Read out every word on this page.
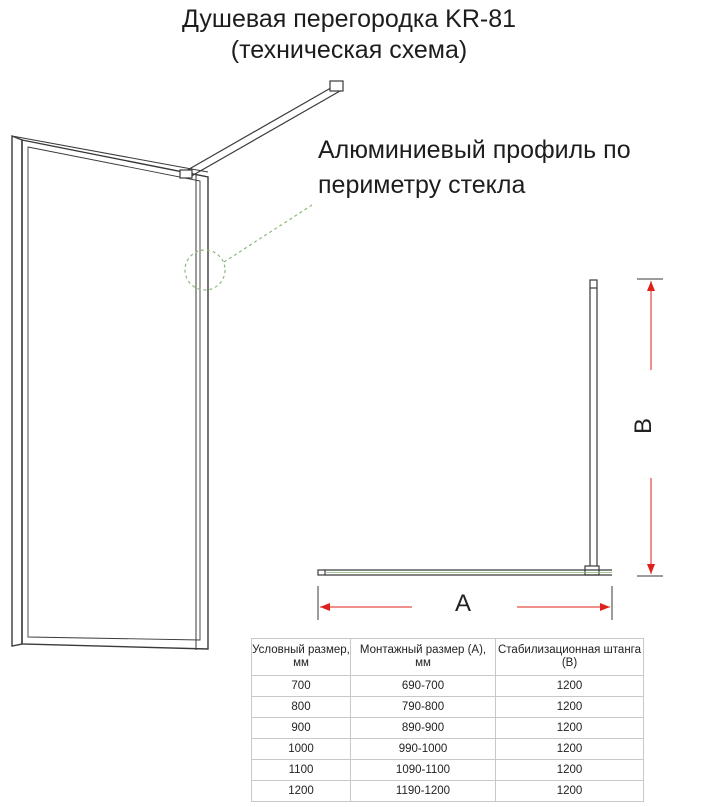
Душевая перегородка KR-81
(техническая схема)
Алюминиевый профиль по
периметру стекла
A
B
Условный размер, мм	Монтажный размер (А), мм	Стабилизационная штанга (B)
700	690-700	1200
800	790-800	1200
900	890-900	1200
1000	990-1000	1200
1100	1090-1100	1200
1200	1190-1200	1200
